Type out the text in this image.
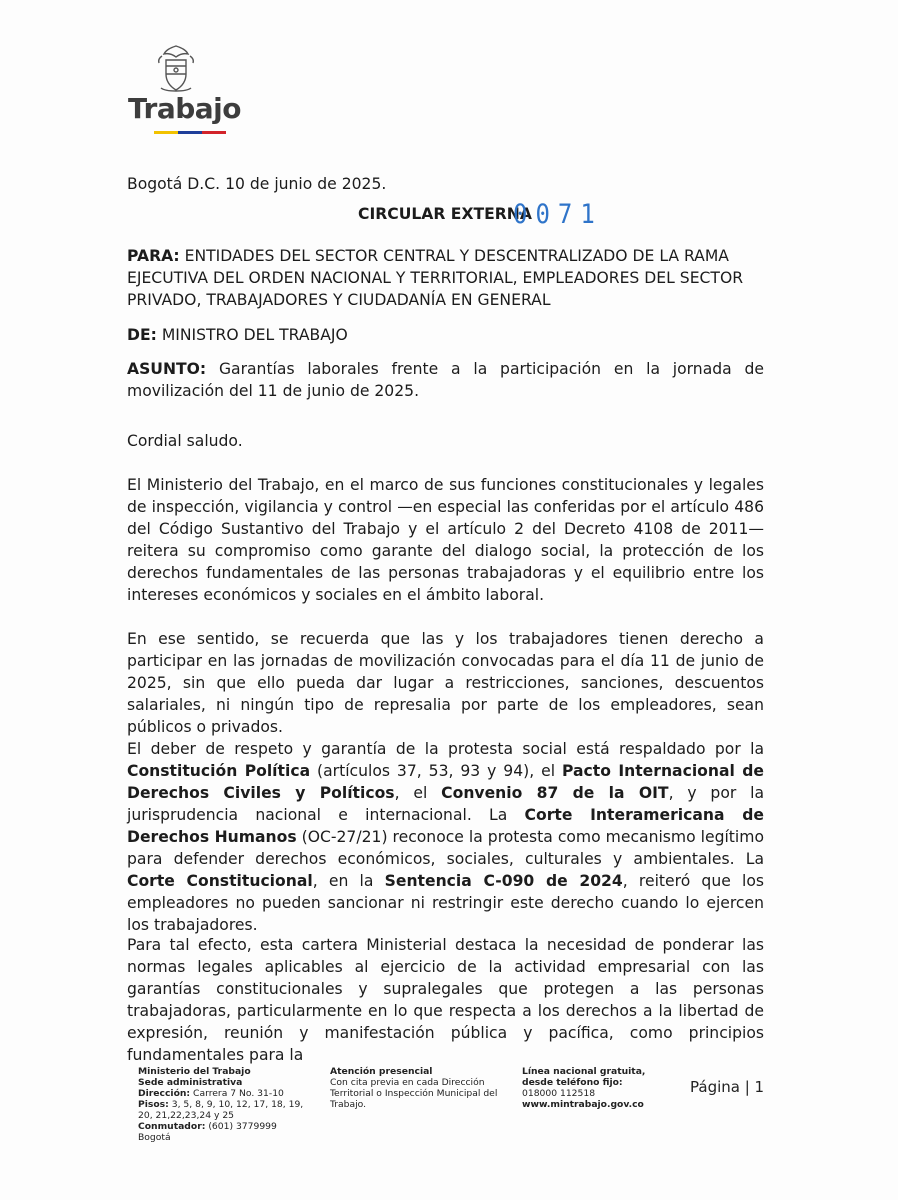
Trabajo
Bogotá D.C. 10 de junio de 2025.
CIRCULAR EXTERNA
0071
PARA: ENTIDADES DEL SECTOR CENTRAL Y DESCENTRALIZADO DE LA RAMA EJECUTIVA DEL ORDEN NACIONAL Y TERRITORIAL, EMPLEADORES DEL SECTOR PRIVADO, TRABAJADORES Y CIUDADANÍA EN GENERAL
DE: MINISTRO DEL TRABAJO
ASUNTO: Garantías laborales frente a la participación en la jornada de movilización del 11 de junio de 2025.
Cordial saludo.

El Ministerio del Trabajo, en el marco de sus funciones constitucionales y legales de inspección, vigilancia y control —en especial las conferidas por el artículo 486 del Código Sustantivo del Trabajo y el artículo 2 del Decreto 4108 de 2011— reitera su compromiso como garante del dialogo social, la protección de los derechos fundamentales de las personas trabajadoras y el equilibrio entre los intereses económicos y sociales en el ámbito laboral.

En ese sentido, se recuerda que las y los trabajadores tienen derecho a participar en las jornadas de movilización convocadas para el día 11 de junio de 2025, sin que ello pueda dar lugar a restricciones, sanciones, descuentos salariales, ni ningún tipo de represalia por parte de los empleadores, sean públicos o privados.

El deber de respeto y garantía de la protesta social está respaldado por la Constitución Política (artículos 37, 53, 93 y 94), el Pacto Internacional de Derechos Civiles y Políticos, el Convenio 87 de la OIT, y por la jurisprudencia nacional e internacional. La Corte Interamericana de Derechos Humanos (OC-27/21) reconoce la protesta como mecanismo legítimo para defender derechos económicos, sociales, culturales y ambientales. La Corte Constitucional, en la Sentencia C-090 de 2024, reiteró que los empleadores no pueden sancionar ni restringir este derecho cuando lo ejercen los trabajadores.

Para tal efecto, esta cartera Ministerial destaca la necesidad de ponderar las normas legales aplicables al ejercicio de la actividad empresarial con las garantías constitucionales y supralegales que protegen a las personas trabajadoras, particularmente en lo que respecta a los derechos a la libertad de expresión, reunión y manifestación pública y pacífica, como principios fundamentales para la

Ministerio del Trabajo
Sede administrativa
Dirección: Carrera 7 No. 31-10
Pisos: 3, 5, 8, 9, 10, 12, 17, 18, 19, 20, 21,22,23,24 y 25
Conmutador: (601) 3779999
Bogotá
Atención presencial
Con cita previa en cada Dirección Territorial o Inspección Municipal del Trabajo.
Línea nacional gratuita, desde teléfono fijo:
018000 112518
www.mintrabajo.gov.co
Página | 1
